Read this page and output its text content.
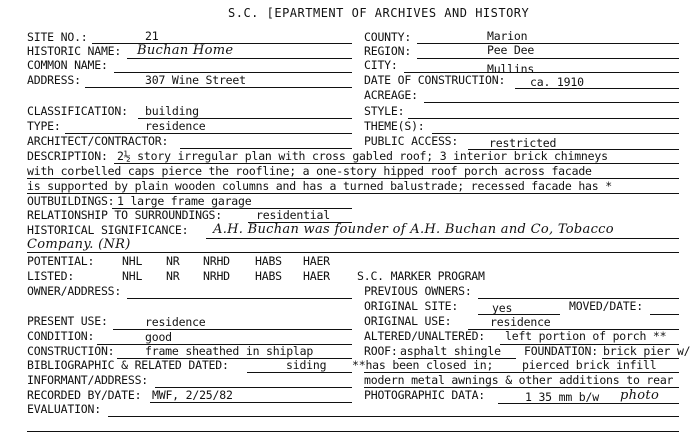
S.C. [EPARTMENT OF ARCHIVES AND HISTORY
SITE NO.:	21	COUNTY:	Marion
HISTORIC NAME: Buchan Home	REGION:	Pee Dee
COMMON NAME:	CITY:	Mullins
ADDRESS:	307 Wine Street	DATE OF CONSTRUCTION: ca. 1910
ACREAGE:
CLASSIFICATION: building	STYLE:
TYPE:	residence	THEME(S):
ARCHITECT/CONTRACTOR:	PUBLIC ACCESS:	restricted
DESCRIPTION: 2½ story irregular plan with cross gabled roof; 3 interior brick chimneys
with corbelled caps pierce the roofline; a one-story hipped roof porch across facade
is supported by plain wooden columns and has a turned balustrade; recessed facade has *
OUTBUILDINGS: 1 large frame garage
RELATIONSHIP TO SURROUNDINGS:	residential
HISTORICAL SIGNIFICANCE: A.H. Buchan was founder of A.H. Buchan and Co, Tobacco
Company. (NR)
POTENTIAL: NHL NR NRHD HABS HAER
LISTED:	NHL NR NRHD HABS HAER S.C. MARKER PROGRAM
OWNER/ADDRESS:	PREVIOUS OWNERS:
ORIGINAL SITE:	yes	MOVED/DATE:
PRESENT USE:	residence	ORIGINAL USE:	residence
CONDITION:	good	ALTERED/UNALTERED: left portion of porch **
CONSTRUCTION:	frame sheathed in shiplap	ROOF: asphalt shingle FOUNDATION: brick pier w/
BIBLIOGRAPHIC & RELATED DATED:	siding **has been closed in;	pierced brick infill
INFORMANT/ADDRESS:	modern metal awnings & other additions to rear
RECORDED BY/DATE: MWF, 2/25/82	PHOTOGRAPHIC DATA:	1 35 mm b/w photo
EVALUATION:
